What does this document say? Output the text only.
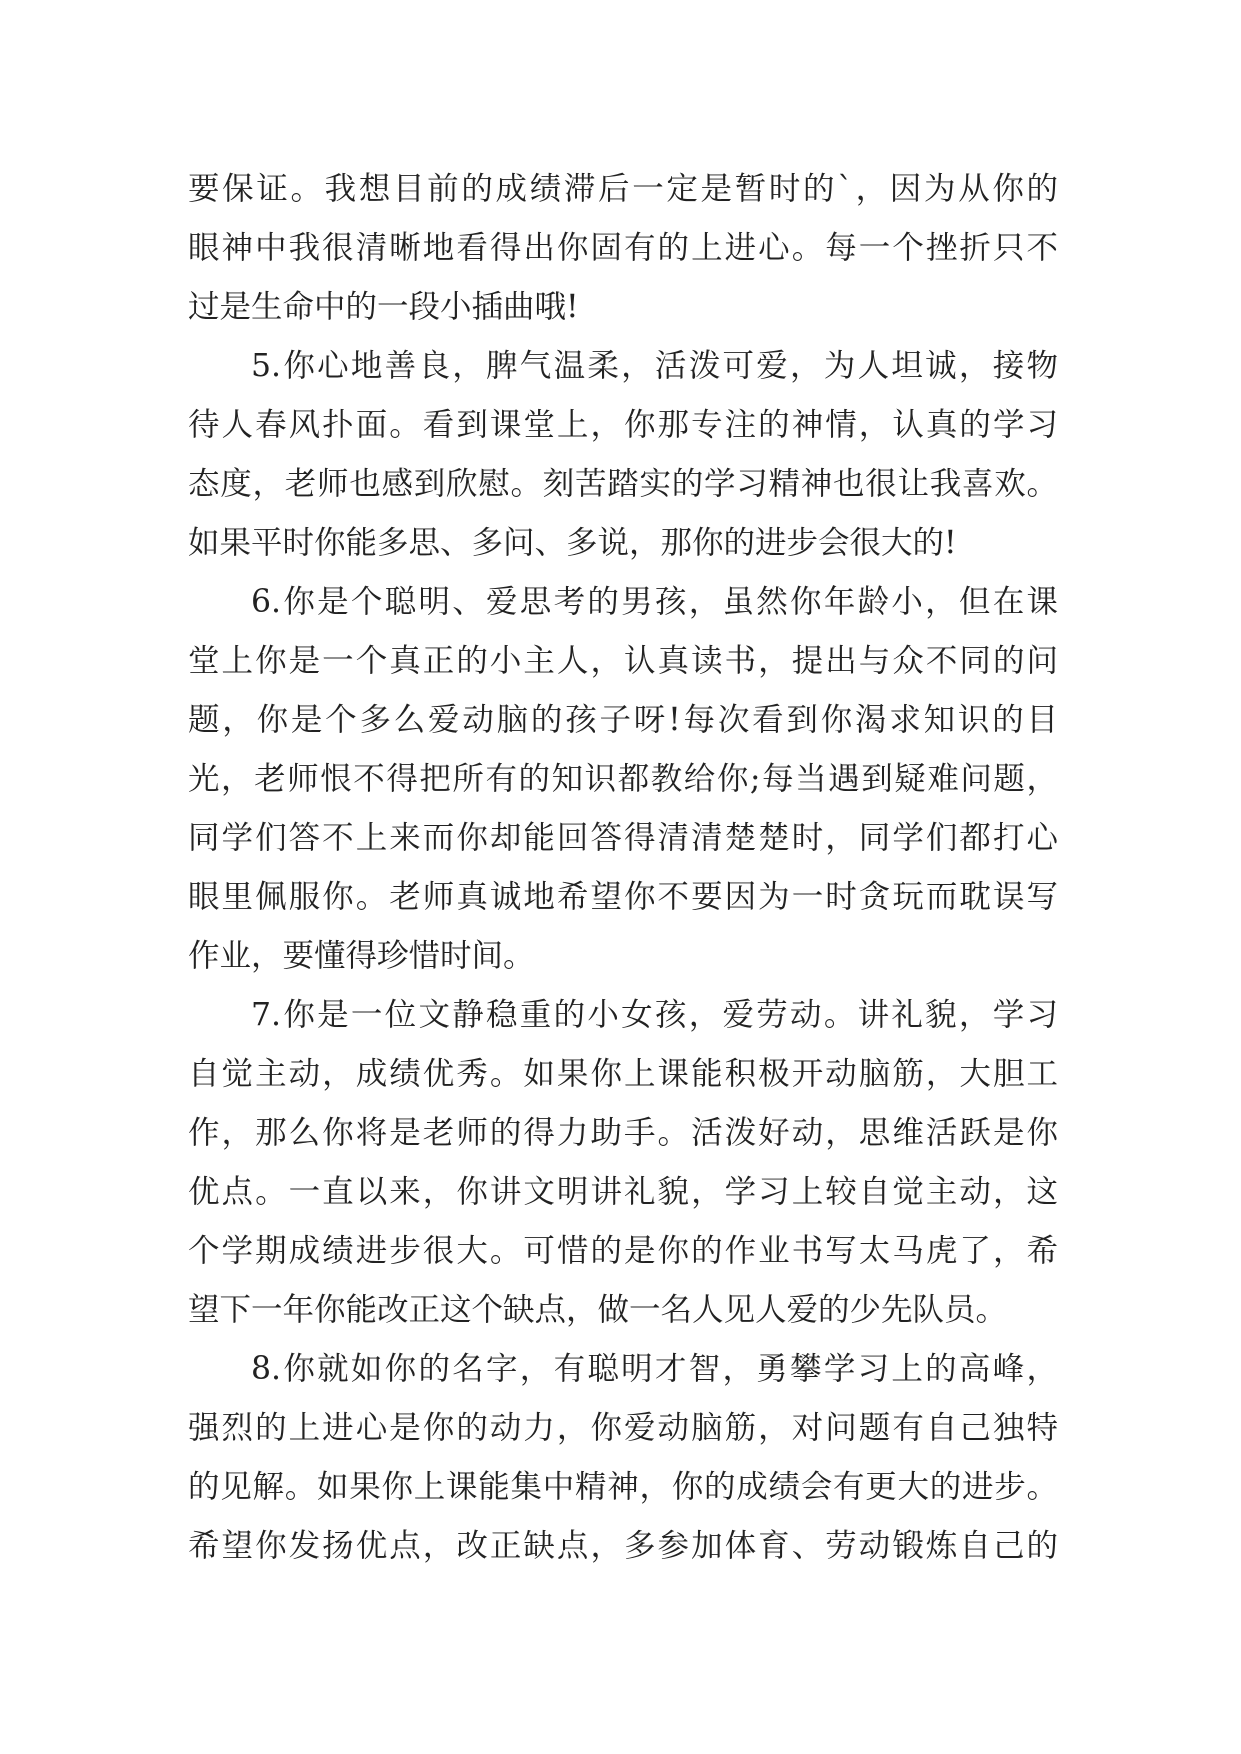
要保证。我想目前的成绩滞后一定是暂时的`，因为从你的
眼神中我很清晰地看得出你固有的上进心。每一个挫折只不
过是生命中的一段小插曲哦!
5.你心地善良，脾气温柔，活泼可爱，为人坦诚，接物
待人春风扑面。看到课堂上，你那专注的神情，认真的学习
态度，老师也感到欣慰。刻苦踏实的学习精神也很让我喜欢。
如果平时你能多思、多问、多说，那你的进步会很大的!
6.你是个聪明、爱思考的男孩，虽然你年龄小，但在课
堂上你是一个真正的小主人，认真读书，提出与众不同的问
题，你是个多么爱动脑的孩子呀!每次看到你渴求知识的目
光，老师恨不得把所有的知识都教给你;每当遇到疑难问题，
同学们答不上来而你却能回答得清清楚楚时，同学们都打心
眼里佩服你。老师真诚地希望你不要因为一时贪玩而耽误写
作业，要懂得珍惜时间。
7.你是一位文静稳重的小女孩，爱劳动。讲礼貌，学习
自觉主动，成绩优秀。如果你上课能积极开动脑筋，大胆工
作，那么你将是老师的得力助手。活泼好动，思维活跃是你
优点。一直以来，你讲文明讲礼貌，学习上较自觉主动，这
个学期成绩进步很大。可惜的是你的作业书写太马虎了，希
望下一年你能改正这个缺点，做一名人见人爱的少先队员。
8.你就如你的名字，有聪明才智，勇攀学习上的高峰，
强烈的上进心是你的动力，你爱动脑筋，对问题有自己独特
的见解。如果你上课能集中精神，你的成绩会有更大的进步。
希望你发扬优点，改正缺点，多参加体育、劳动锻炼自己的
